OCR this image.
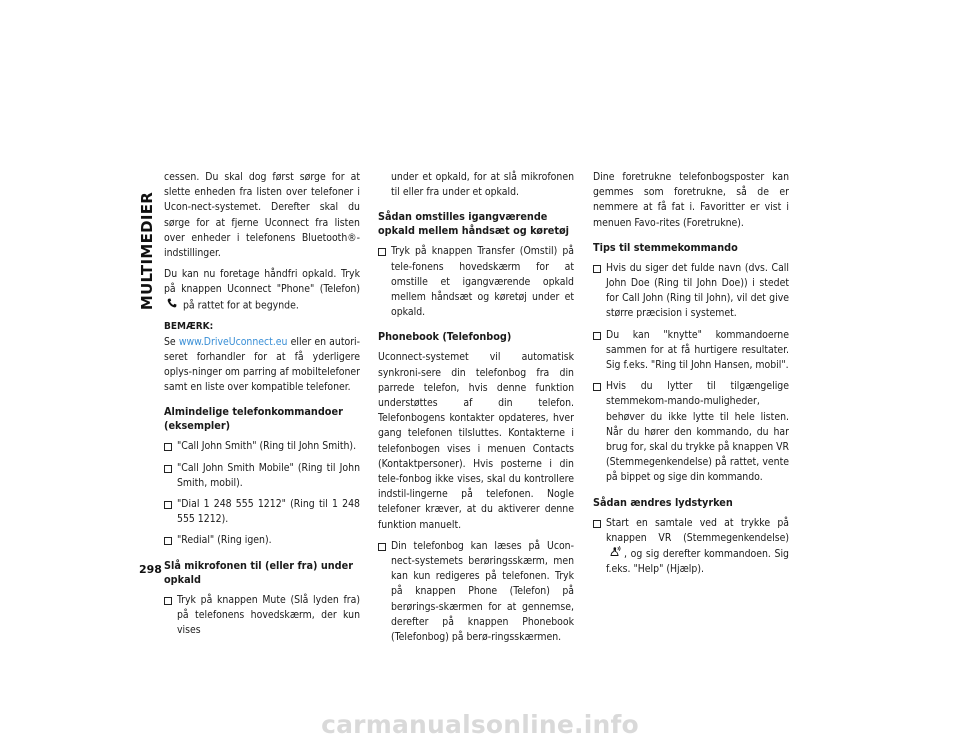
MULTIMEDIER
298

cessen. Du skal dog først sørge for at slette enheden fra listen over telefoner i Ucon-nect-systemet. Derefter skal du sørge for at fjerne Uconnect fra listen over enheder i telefonens Bluetooth®-indstillinger.

Du kan nu foretage håndfri opkald. Tryk på knappen Uconnect "Phone" (Telefon)  på rattet for at begynde.

BEMÆRK:

Se www.DriveUconnect.eu eller en autori-seret forhandler for at få yderligere oplys-ninger om parring af mobiltelefoner samt en liste over kompatible telefoner.

Almindelige telefonkommandoer (eksempler)
"Call John Smith" (Ring til John Smith).
"Call John Smith Mobile" (Ring til John Smith, mobil).
"Dial 1 248 555 1212" (Ring til 1 248 555 1212).
"Redial" (Ring igen).
Slå mikrofonen til (eller fra) under opkald
Tryk på knappen Mute (Slå lyden fra) på telefonens hovedskærm, der kun vises

under et opkald, for at slå mikrofonen til eller fra under et opkald.

Sådan omstilles igangværende opkald mellem håndsæt og køretøj
Tryk på knappen Transfer (Omstil) på tele-fonens hovedskærm for at omstille et igangværende opkald mellem håndsæt og køretøj under et opkald.
Phonebook (Telefonbog)

Uconnect-systemet vil automatisk synkroni-sere din telefonbog fra din parrede telefon, hvis denne funktion understøttes af din telefon. Telefonbogens kontakter opdateres, hver gang telefonen tilsluttes. Kontakterne i telefonbogen vises i menuen Contacts (Kontaktpersoner). Hvis posterne i din tele-fonbog ikke vises, skal du kontrollere indstil-lingerne på telefonen. Nogle telefoner kræver, at du aktiverer denne funktion manuelt.

Din telefonbog kan læses på Ucon-nect-systemets berøringsskærm, men kan kun redigeres på telefonen. Tryk på knappen Phone (Telefon) på berørings-skærmen for at gennemse, derefter på knappen Phonebook (Telefonbog) på berø-ringsskærmen.

Dine foretrukne telefonbogsposter kan gemmes som foretrukne, så de er nemmere at få fat i. Favoritter er vist i menuen Favo-rites (Foretrukne).

Tips til stemmekommando
Hvis du siger det fulde navn (dvs. Call John Doe (Ring til John Doe)) i stedet for Call John (Ring til John), vil det give større præcision i systemet.
Du kan "knytte" kommandoerne sammen for at få hurtigere resultater. Sig f.eks. "Ring til John Hansen, mobil".
Hvis du lytter til tilgængelige stemmekom-mando-muligheder, behøver du ikke lytte til hele listen. Når du hører den kommando, du har brug for, skal du trykke på knappen VR (Stemmegenkendelse) på rattet, vente på bippet og sige din kommando.
Sådan ændres lydstyrken
Start en samtale ved at trykke på knappen VR (Stemmegenkendelse) , og sig derefter kommandoen. Sig f.eks. "Help" (Hjælp).
carmanualsonline.info
